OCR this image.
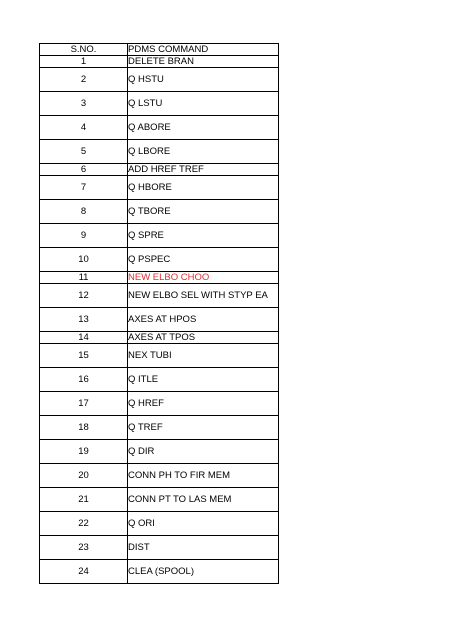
S.NO.	PDMS COMMAND
1	DELETE BRAN
2	Q HSTU
3	Q LSTU
4	Q ABORE
5	Q LBORE
6	ADD HREF TREF
7	Q HBORE
8	Q TBORE
9	Q SPRE
10	Q PSPEC
11	NEW ELBO CHOO
12	NEW ELBO SEL WITH STYP EA
13	AXES AT HPOS
14	AXES AT TPOS
15	NEX TUBI
16	Q ITLE
17	Q HREF
18	Q TREF
19	Q DIR
20	CONN PH TO FIR MEM
21	CONN PT TO LAS MEM
22	Q ORI
23	DIST
24	CLEA (SPOOL)
